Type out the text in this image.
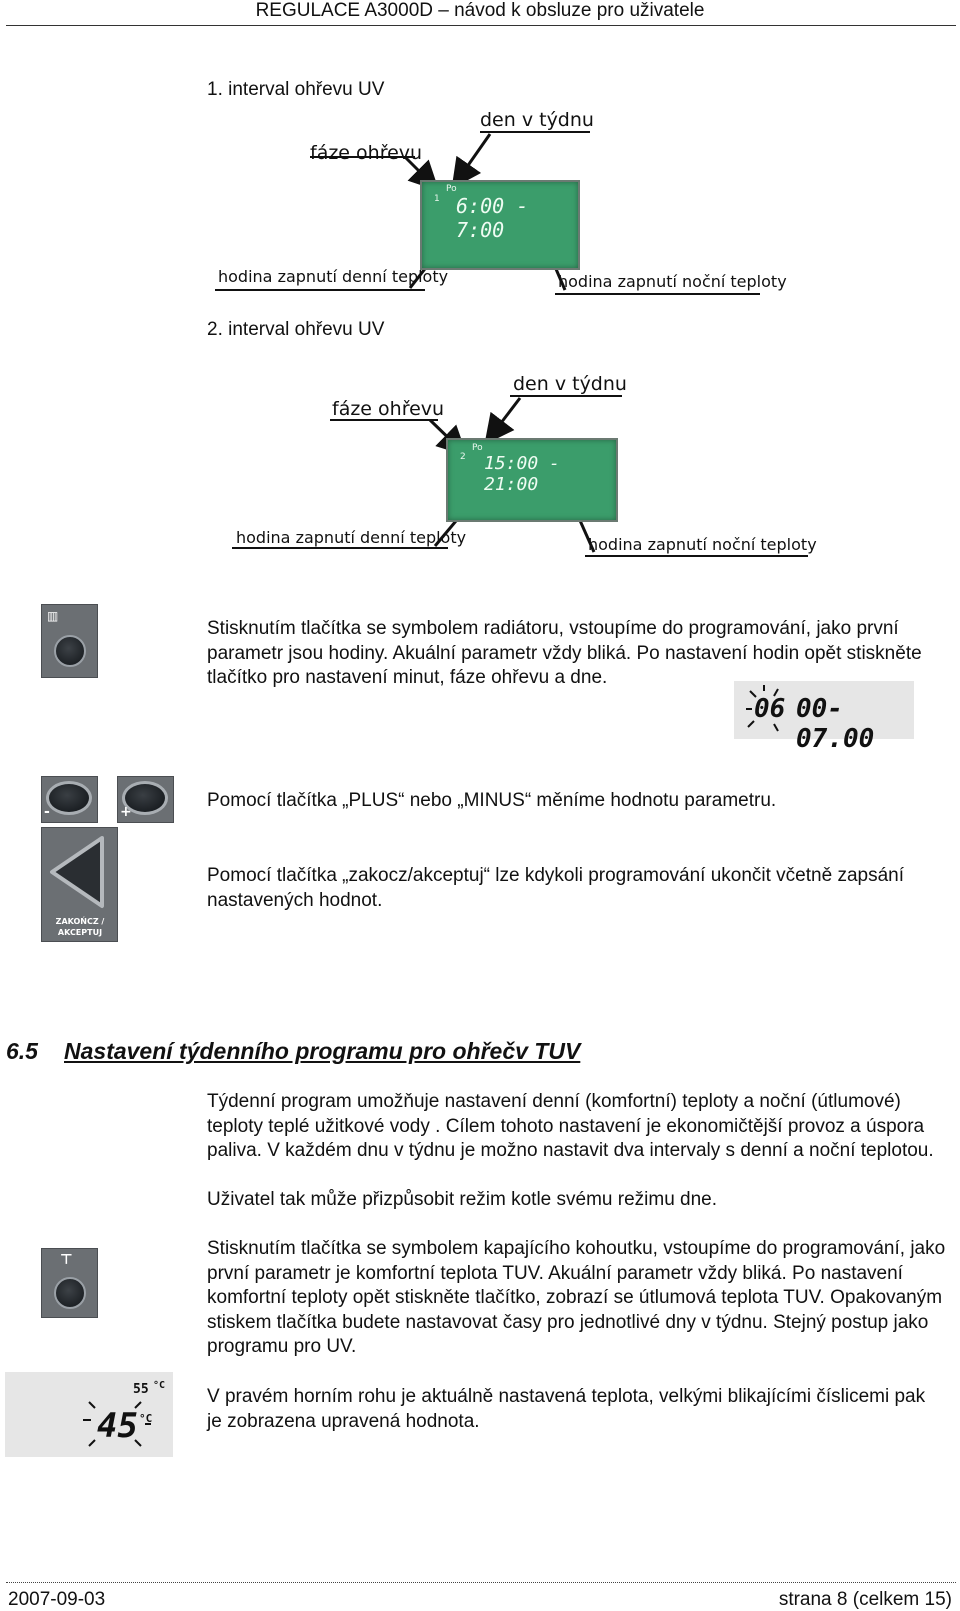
REGULACE A3000D – návod k obsluze pro uživatele
1. interval ohřevu UV
1
Po
6:00 - 7:00
den v týdnu
fáze ohřevu
hodina zapnutí denní teploty	hodina zapnutí noční teploty
2. interval ohřevu UV
2
Po
15:00 - 21:00
den v týdnu
fáze ohřevu
hodina zapnutí denní teploty	hodina zapnutí noční teploty
▥
Stisknutím tlačítka se symbolem radiátoru, vstoupíme do programování, jako první parametr jsou hodiny. Akuální parametr vždy bliká. Po nastavení hodin opět stiskněte tlačítko pro nastavení minut, fáze ohřevu a dne.
06 00-07.00
-	+
Pomocí tlačítka „PLUS“ nebo „MINUS“ měníme hodnotu parametru.
ZAKOŃCZ / AKCEPTUJ
Pomocí tlačítka „zakocz/akceptuj“ lze kdykoli programování ukončit včetně zapsání nastavených hodnot.
6.5 Nastavení týdenního programu pro ohřečv TUV
Týdenní program umožňuje nastavení denní (komfortní) teploty a noční (útlumové) teploty teplé užitkové vody . Cílem tohoto nastavení je ekonomičtější provoz a úspora paliva. V každém dnu v týdnu je možno nastavit dva intervaly s denní a noční teplotou.
Uživatel tak může přizpůsobit režim kotle svému režimu dne.
⊤
Stisknutím tlačítka se symbolem kapajícího kohoutku, vstoupíme do programování, jako první parametr je komfortní teplota TUV. Akuální parametr vždy bliká. Po nastavení komfortní teploty opět stiskněte tlačítko, zobrazí se útlumová teplota TUV. Opakovaným stiskem tlačítka budete nastavovat časy pro jednotlivé dny v týdnu. Stejný postup jako programu pro UV.
55 °C
45 °C
V pravém horním rohu je aktuálně nastavená teplota, velkými blikajícími číslicemi pak je zobrazena upravená hodnota.
2007-09-03	strana 8 (celkem 15)
